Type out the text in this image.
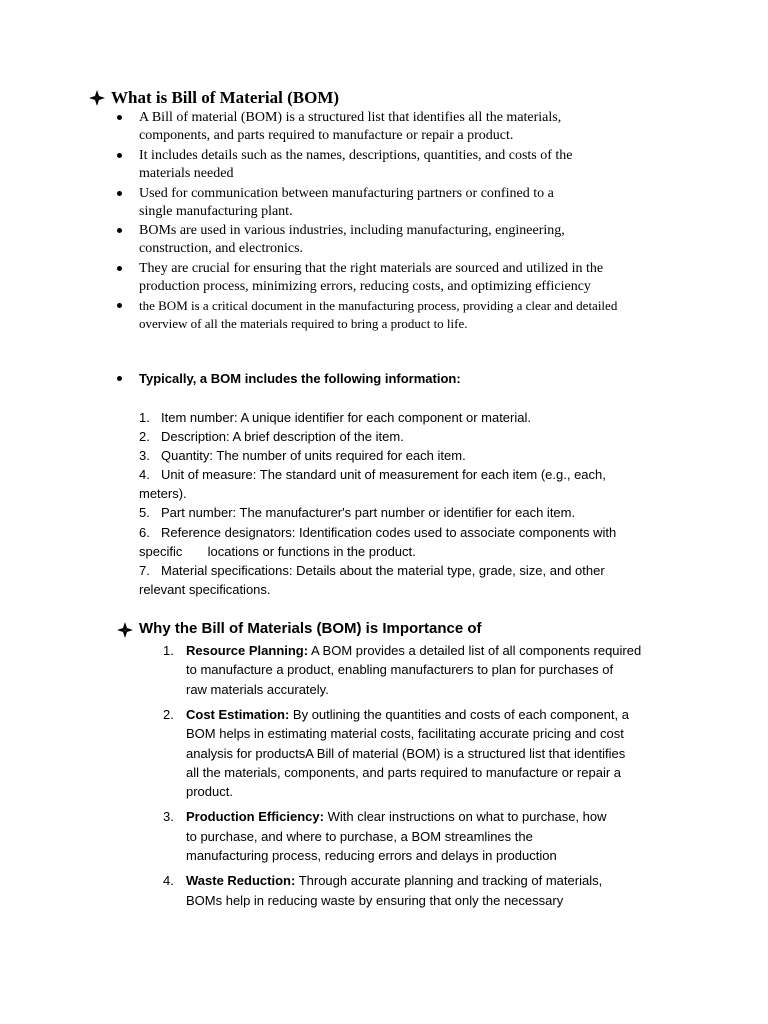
What is Bill of Material (BOM)
A Bill of material (BOM) is a structured list that identifies all the materials,
components, and parts required to manufacture or repair a product.
It includes details such as the names, descriptions, quantities, and costs of the
materials needed
Used for communication between manufacturing partners or confined to a
single manufacturing plant.
BOMs are used in various industries, including manufacturing, engineering,
construction, and electronics.
They are crucial for ensuring that the right materials are sourced and utilized in the
production process, minimizing errors, reducing costs, and optimizing efficiency
the BOM is a critical document in the manufacturing process, providing a clear and detailed
overview of all the materials required to bring a product to life.
Typically, a BOM includes the following information:
1. Item number: A unique identifier for each component or material.
2. Description: A brief description of the item.
3. Quantity: The number of units required for each item.
4. Unit of measure: The standard unit of measurement for each item (e.g., each,
meters).
5. Part number: The manufacturer's part number or identifier for each item.
6. Reference designators: Identification codes used to associate components with
specific       locations or functions in the product.
7. Material specifications: Details about the material type, grade, size, and other
relevant specifications.
Why the Bill of Materials (BOM) is Importance of
1. Resource Planning: A BOM provides a detailed list of all components required
to manufacture a product, enabling manufacturers to plan for purchases of
raw materials accurately.
2. Cost Estimation: By outlining the quantities and costs of each component, a
BOM helps in estimating material costs, facilitating accurate pricing and cost
analysis for productsA Bill of material (BOM) is a structured list that identifies
all the materials, components, and parts required to manufacture or repair a
product.
3. Production Efficiency: With clear instructions on what to purchase, how
to purchase, and where to purchase, a BOM streamlines the
manufacturing process, reducing errors and delays in production
4. Waste Reduction: Through accurate planning and tracking of materials,
BOMs help in reducing waste by ensuring that only the necessary
